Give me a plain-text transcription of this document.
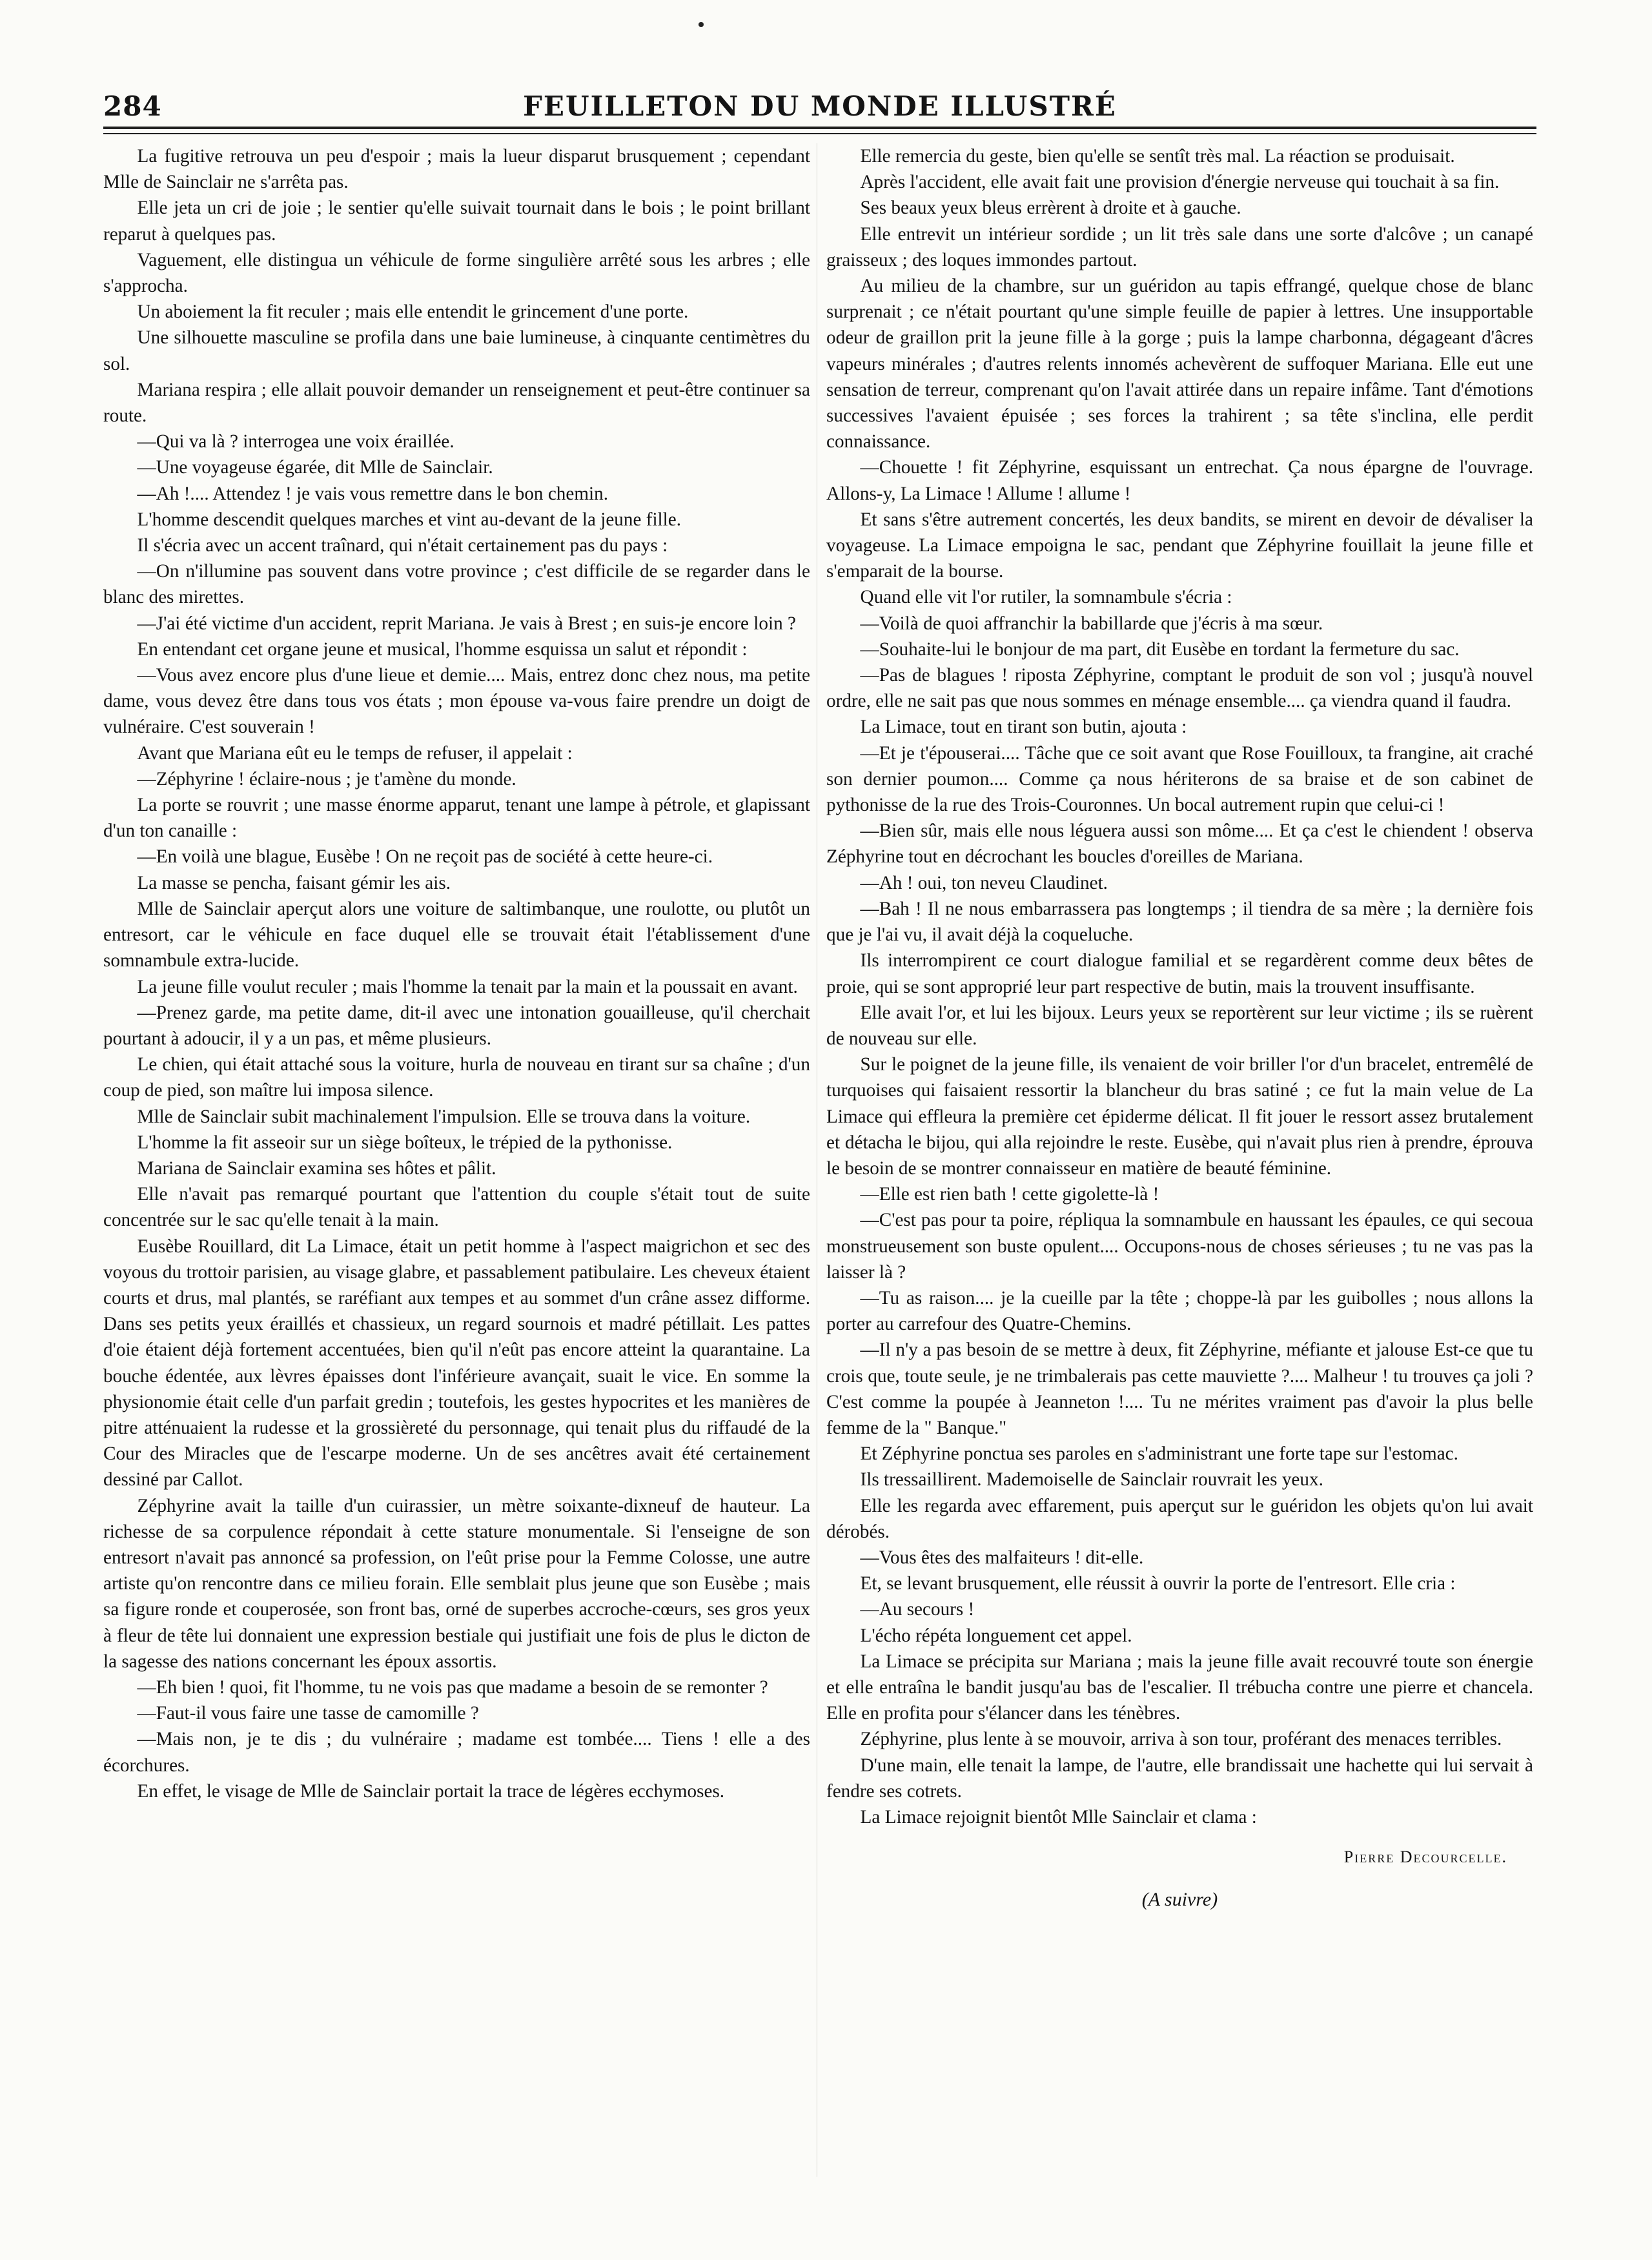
284	FEUILLETON DU MONDE ILLUSTRÉ

La fugitive retrouva un peu d'espoir ; mais la lueur disparut brusquement ; cependant Mlle de Sainclair ne s'arrêta pas.

Elle jeta un cri de joie ; le sentier qu'elle suivait tournait dans le bois ; le point brillant reparut à quelques pas.

Vaguement, elle distingua un véhicule de forme singulière arrêté sous les arbres ; elle s'approcha.

Un aboiement la fit reculer ; mais elle entendit le grincement d'une porte.

Une silhouette masculine se profila dans une baie lumineuse, à cinquante centimètres du sol.

Mariana respira ; elle allait pouvoir demander un renseignement et peut-être continuer sa route.

—Qui va là ? interrogea une voix éraillée.

—Une voyageuse égarée, dit Mlle de Sainclair.

—Ah !.... Attendez ! je vais vous remettre dans le bon chemin.

L'homme descendit quelques marches et vint au-devant de la jeune fille.

Il s'écria avec un accent traînard, qui n'était certainement pas du pays :

—On n'illumine pas souvent dans votre province ; c'est difficile de se regarder dans le blanc des mirettes.

—J'ai été victime d'un accident, reprit Mariana. Je vais à Brest ; en suis-je encore loin ?

En entendant cet organe jeune et musical, l'homme esquissa un salut et répondit :

—Vous avez encore plus d'une lieue et demie.... Mais, entrez donc chez nous, ma petite dame, vous devez être dans tous vos états ; mon épouse va-vous faire prendre un doigt de vulnéraire. C'est souverain !

Avant que Mariana eût eu le temps de refuser, il appelait :

—Zéphyrine ! éclaire-nous ; je t'amène du monde.

La porte se rouvrit ; une masse énorme apparut, tenant une lampe à pétrole, et glapissant d'un ton canaille :

—En voilà une blague, Eusèbe ! On ne reçoit pas de société à cette heure-ci.

La masse se pencha, faisant gémir les ais.

Mlle de Sainclair aperçut alors une voiture de saltimbanque, une roulotte, ou plutôt un entresort, car le véhicule en face duquel elle se trouvait était l'établissement d'une somnambule extra-lucide.

La jeune fille voulut reculer ; mais l'homme la tenait par la main et la poussait en avant.

—Prenez garde, ma petite dame, dit-il avec une intonation gouailleuse, qu'il cherchait pourtant à adoucir, il y a un pas, et même plusieurs.

Le chien, qui était attaché sous la voiture, hurla de nouveau en tirant sur sa chaîne ; d'un coup de pied, son maître lui imposa silence.

Mlle de Sainclair subit machinalement l'impulsion. Elle se trouva dans la voiture.

L'homme la fit asseoir sur un siège boîteux, le trépied de la pythonisse.

Mariana de Sainclair examina ses hôtes et pâlit.

Elle n'avait pas remarqué pourtant que l'attention du couple s'était tout de suite concentrée sur le sac qu'elle tenait à la main.

Eusèbe Rouillard, dit La Limace, était un petit homme à l'aspect maigrichon et sec des voyous du trottoir parisien, au visage glabre, et passablement patibulaire. Les cheveux étaient courts et drus, mal plantés, se raréfiant aux tempes et au sommet d'un crâne assez difforme. Dans ses petits yeux éraillés et chassieux, un regard sournois et madré pétillait. Les pattes d'oie étaient déjà fortement accentuées, bien qu'il n'eût pas encore atteint la quarantaine. La bouche édentée, aux lèvres épaisses dont l'inférieure avançait, suait le vice. En somme la physionomie était celle d'un parfait gredin ; toutefois, les gestes hypocrites et les manières de pitre atténuaient la rudesse et la grossièreté du personnage, qui tenait plus du riffaudé de la Cour des Miracles que de l'escarpe moderne. Un de ses ancêtres avait été certainement dessiné par Callot.

Zéphyrine avait la taille d'un cuirassier, un mètre soixante-dixneuf de hauteur. La richesse de sa corpulence répondait à cette stature monumentale. Si l'enseigne de son entresort n'avait pas annoncé sa profession, on l'eût prise pour la Femme Colosse, une autre artiste qu'on rencontre dans ce milieu forain. Elle semblait plus jeune que son Eusèbe ; mais sa figure ronde et couperosée, son front bas, orné de superbes accroche-cœurs, ses gros yeux à fleur de tête lui donnaient une expression bestiale qui justifiait une fois de plus le dicton de la sagesse des nations concernant les époux assortis.

—Eh bien ! quoi, fit l'homme, tu ne vois pas que madame a besoin de se remonter ?

—Faut-il vous faire une tasse de camomille ?

—Mais non, je te dis ; du vulnéraire ; madame est tombée.... Tiens ! elle a des écorchures.

En effet, le visage de Mlle de Sainclair portait la trace de légères ecchymoses.

Elle remercia du geste, bien qu'elle se sentît très mal. La réaction se produisait.

Après l'accident, elle avait fait une provision d'énergie nerveuse qui touchait à sa fin.

Ses beaux yeux bleus errèrent à droite et à gauche.

Elle entrevit un intérieur sordide ; un lit très sale dans une sorte d'alcôve ; un canapé graisseux ; des loques immondes partout.

Au milieu de la chambre, sur un guéridon au tapis effrangé, quelque chose de blanc surprenait ; ce n'était pourtant qu'une simple feuille de papier à lettres. Une insupportable odeur de graillon prit la jeune fille à la gorge ; puis la lampe charbonna, dégageant d'âcres vapeurs minérales ; d'autres relents innomés achevèrent de suffoquer Mariana. Elle eut une sensation de terreur, comprenant qu'on l'avait attirée dans un repaire infâme. Tant d'émotions successives l'avaient épuisée ; ses forces la trahirent ; sa tête s'inclina, elle perdit connaissance.

—Chouette ! fit Zéphyrine, esquissant un entrechat. Ça nous épargne de l'ouvrage. Allons-y, La Limace ! Allume ! allume !

Et sans s'être autrement concertés, les deux bandits, se mirent en devoir de dévaliser la voyageuse. La Limace empoigna le sac, pendant que Zéphyrine fouillait la jeune fille et s'emparait de la bourse.

Quand elle vit l'or rutiler, la somnambule s'écria :

—Voilà de quoi affranchir la babillarde que j'écris à ma sœur.

—Souhaite-lui le bonjour de ma part, dit Eusèbe en tordant la fermeture du sac.

—Pas de blagues ! riposta Zéphyrine, comptant le produit de son vol ; jusqu'à nouvel ordre, elle ne sait pas que nous sommes en ménage ensemble.... ça viendra quand il faudra.

La Limace, tout en tirant son butin, ajouta :

—Et je t'épouserai.... Tâche que ce soit avant que Rose Fouilloux, ta frangine, ait craché son dernier poumon.... Comme ça nous hériterons de sa braise et de son cabinet de pythonisse de la rue des Trois-Couronnes. Un bocal autrement rupin que celui-ci !

—Bien sûr, mais elle nous léguera aussi son môme.... Et ça c'est le chiendent ! observa Zéphyrine tout en décrochant les boucles d'oreilles de Mariana.

—Ah ! oui, ton neveu Claudinet.

—Bah ! Il ne nous embarrassera pas longtemps ; il tiendra de sa mère ; la dernière fois que je l'ai vu, il avait déjà la coqueluche.

Ils interrompirent ce court dialogue familial et se regardèrent comme deux bêtes de proie, qui se sont approprié leur part respective de butin, mais la trouvent insuffisante.

Elle avait l'or, et lui les bijoux. Leurs yeux se reportèrent sur leur victime ; ils se ruèrent de nouveau sur elle.

Sur le poignet de la jeune fille, ils venaient de voir briller l'or d'un bracelet, entremêlé de turquoises qui faisaient ressortir la blancheur du bras satiné ; ce fut la main velue de La Limace qui effleura la première cet épiderme délicat. Il fit jouer le ressort assez brutalement et détacha le bijou, qui alla rejoindre le reste. Eusèbe, qui n'avait plus rien à prendre, éprouva le besoin de se montrer connaisseur en matière de beauté féminine.

—Elle est rien bath ! cette gigolette-là !

—C'est pas pour ta poire, répliqua la somnambule en haussant les épaules, ce qui secoua monstrueusement son buste opulent.... Occupons-nous de choses sérieuses ; tu ne vas pas la laisser là ?

—Tu as raison.... je la cueille par la tête ; choppe-là par les guibolles ; nous allons la porter au carrefour des Quatre-Chemins.

—Il n'y a pas besoin de se mettre à deux, fit Zéphyrine, méfiante et jalouse Est-ce que tu crois que, toute seule, je ne trimbalerais pas cette mauviette ?.... Malheur ! tu trouves ça joli ? C'est comme la poupée à Jeanneton !.... Tu ne mérites vraiment pas d'avoir la plus belle femme de la " Banque."

Et Zéphyrine ponctua ses paroles en s'administrant une forte tape sur l'estomac.

Ils tressaillirent. Mademoiselle de Sainclair rouvrait les yeux.

Elle les regarda avec effarement, puis aperçut sur le guéridon les objets qu'on lui avait dérobés.

—Vous êtes des malfaiteurs ! dit-elle.

Et, se levant brusquement, elle réussit à ouvrir la porte de l'entresort. Elle cria :

—Au secours !

L'écho répéta longuement cet appel.

La Limace se précipita sur Mariana ; mais la jeune fille avait recouvré toute son énergie et elle entraîna le bandit jusqu'au bas de l'escalier. Il trébucha contre une pierre et chancela. Elle en profita pour s'élancer dans les ténèbres.

Zéphyrine, plus lente à se mouvoir, arriva à son tour, proférant des menaces terribles.

D'une main, elle tenait la lampe, de l'autre, elle brandissait une hachette qui lui servait à fendre ses cotrets.

La Limace rejoignit bientôt Mlle Sainclair et clama :

Pierre Decourcelle.
(A suivre)
